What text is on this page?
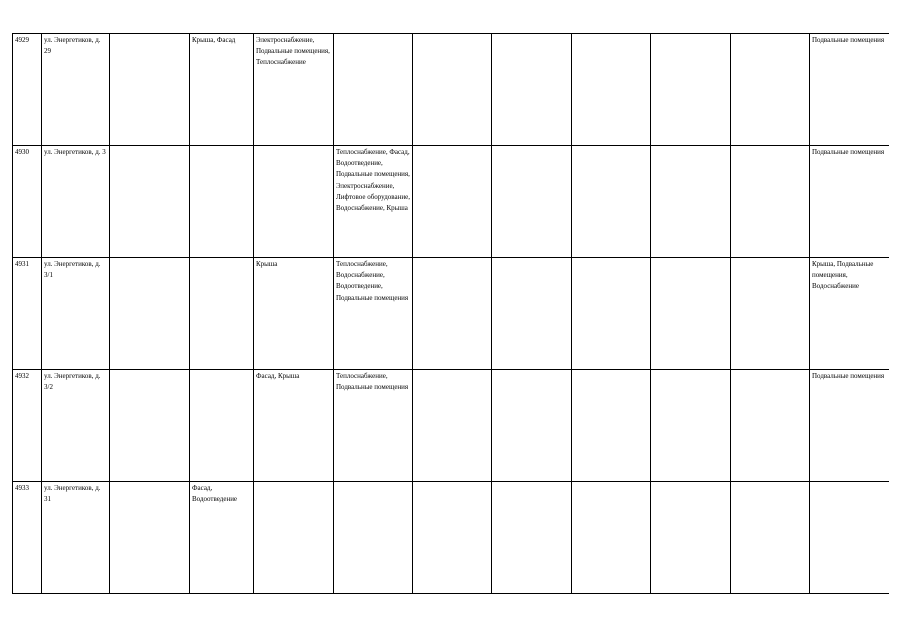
4929	ул. Энергетиков, д. 29		Крыша, Фасад	Электроснабжение, Подвальные помещения, Теплоснабжение							Подвальные помещения

4930	ул. Энергетиков, д. 3				Теплоснабжение, Фасад, Водоотведение, Подвальные помещения, Электроснабжение, Лифтовое оборудование, Водоснабжение, Крыша						Подвальные помещения

4931	ул. Энергетиков, д. 3/1			Крыша	Теплоснабжение, Водоснабжение, Водоотведение, Подвальные помещения						Крыша, Подвальные помещения, Водоснабжение

4932	ул. Энергетиков, д. 3/2			Фасад, Крыша	Теплоснабжение, Подвальные помещения						Подвальные помещения

4933	ул. Энергетиков, д. 31		Фасад, Водоотведение								
